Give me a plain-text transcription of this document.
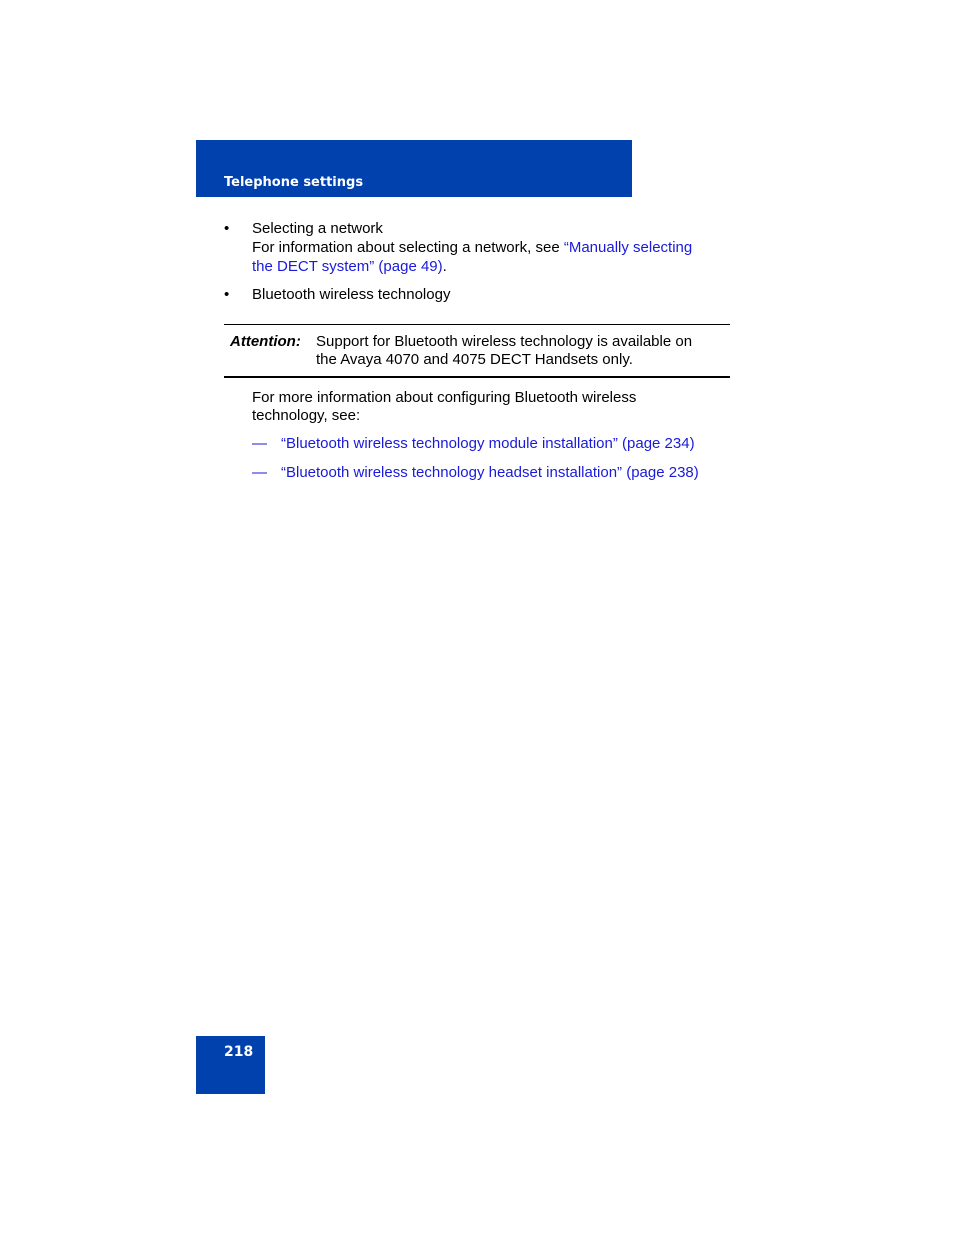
Telephone settings
• Selecting a network
For information about selecting a network, see “Manually selecting
the DECT system” (page 49).
• Bluetooth wireless technology
Attention: Support for Bluetooth wireless technology is available on
the Avaya 4070 and 4075 DECT Handsets only.
For more information about configuring Bluetooth wireless
technology, see:
— “Bluetooth wireless technology module installation” (page 234)
— “Bluetooth wireless technology headset installation” (page 238)
218
